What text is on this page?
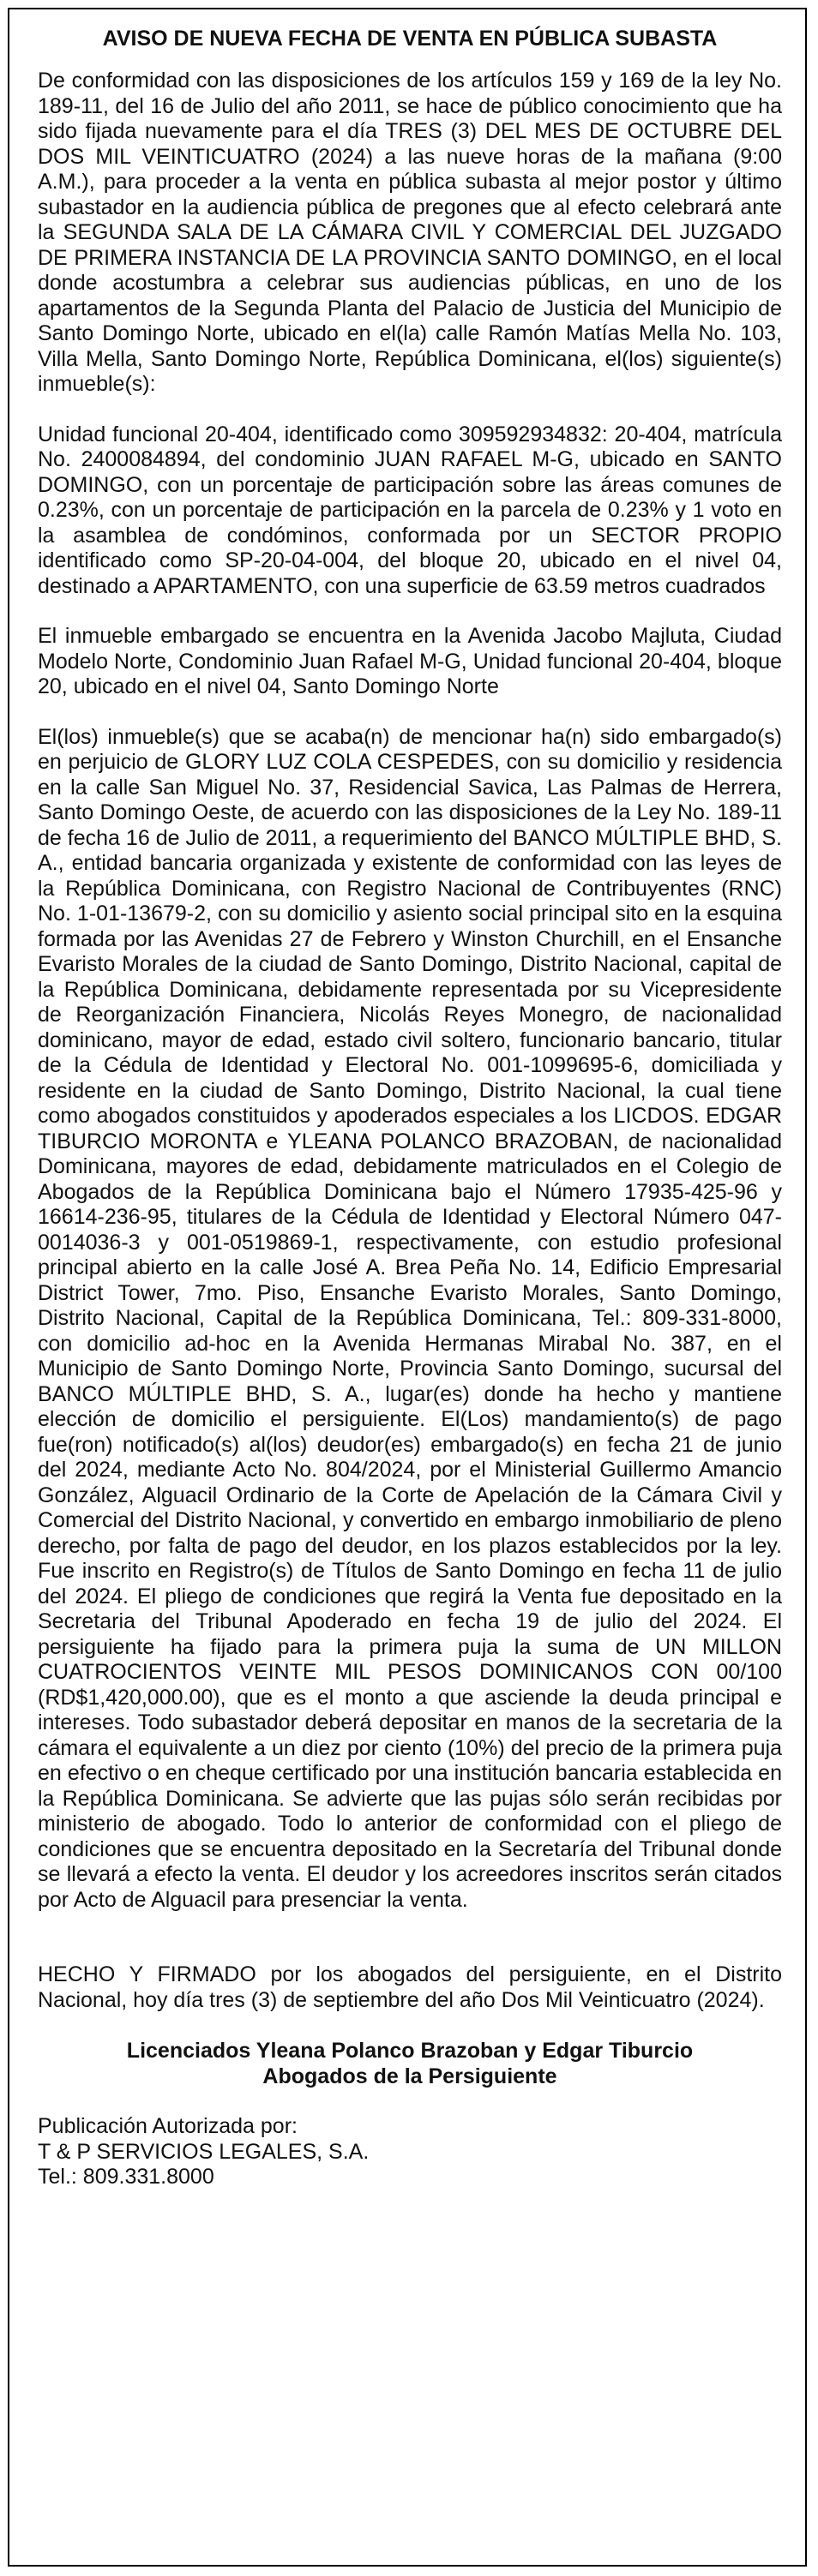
AVISO DE NUEVA FECHA DE VENTA EN PÚBLICA SUBASTA

De conformidad con las disposiciones de los artículos 159 y 169 de la ley No. 189-11, del 16 de Julio del año 2011, se hace de público conocimiento que ha sido fijada nuevamente para el día TRES (3) DEL MES DE OCTUBRE DEL DOS MIL VEINTICUATRO (2024) a las nueve horas de la mañana (9:00 A.M.), para proceder a la venta en pública subasta al mejor postor y último subastador en la audiencia pública de pregones que al efecto celebrará ante la SEGUNDA SALA DE LA CÁMARA CIVIL Y COMERCIAL DEL JUZGADO DE PRIMERA INSTANCIA DE LA PROVINCIA SANTO DOMINGO, en el local donde acostumbra a celebrar sus audiencias públicas, en uno de los apartamentos de la Segunda Planta del Palacio de Justicia del Municipio de Santo Domingo Norte, ubicado en el(la) calle Ramón Matías Mella No. 103, Villa Mella, Santo Domingo Norte, República Dominicana, el(los) siguiente(s) inmueble(s):

Unidad funcional 20-404, identificado como 309592934832: 20-404, matrícula No. 2400084894, del condominio JUAN RAFAEL M-G, ubicado en SANTO DOMINGO, con un porcentaje de participación sobre las áreas comunes de 0.23%, con un porcentaje de participación en la parcela de 0.23% y 1 voto en la asamblea de condóminos, conformada por un SECTOR PROPIO identificado como SP-20-04-004, del bloque 20, ubicado en el nivel 04, destinado a APARTAMENTO, con una superficie de 63.59 metros cuadrados

El inmueble embargado se encuentra en la Avenida Jacobo Majluta, Ciudad Modelo Norte, Condominio Juan Rafael M-G, Unidad funcional 20-404, bloque 20, ubicado en el nivel 04, Santo Domingo Norte

El(los) inmueble(s) que se acaba(n) de mencionar ha(n) sido embargado(s) en perjuicio de GLORY LUZ COLA CESPEDES, con su domicilio y residencia en la calle San Miguel No. 37, Residencial Savica, Las Palmas de Herrera, Santo Domingo Oeste, de acuerdo con las disposiciones de la Ley No. 189-11 de fecha 16 de Julio de 2011, a requerimiento del BANCO MÚLTIPLE BHD, S. A., entidad bancaria organizada y existente de conformidad con las leyes de la República Dominicana, con Registro Nacional de Contribuyentes (RNC) No. 1-01-13679-2, con su domicilio y asiento social principal sito en la esquina formada por las Avenidas 27 de Febrero y Winston Churchill, en el Ensanche Evaristo Morales de la ciudad de Santo Domingo, Distrito Nacional, capital de la República Dominicana, debidamente representada por su Vicepresidente de Reorganización Financiera, Nicolás Reyes Monegro, de nacionalidad dominicano, mayor de edad, estado civil soltero, funcionario bancario, titular de la Cédula de Identidad y Electoral No. 001-1099695-6, domiciliada y residente en la ciudad de Santo Domingo, Distrito Nacional, la cual tiene como abogados constituidos y apoderados especiales a los LICDOS. EDGAR TIBURCIO MORONTA e YLEANA POLANCO BRAZOBAN, de nacionalidad Dominicana, mayores de edad, debidamente matriculados en el Colegio de Abogados de la República Dominicana bajo el Número 17935-425-96 y 16614-236-95, titulares de la Cédula de Identidad y Electoral Número 047-0014036-3 y 001-0519869-1, respectivamente, con estudio profesional principal abierto en la calle José A. Brea Peña No. 14, Edificio Empresarial District Tower, 7mo. Piso, Ensanche Evaristo Morales, Santo Domingo, Distrito Nacional, Capital de la República Dominicana, Tel.: 809-331-8000, con domicilio ad-hoc en la Avenida Hermanas Mirabal No. 387, en el Municipio de Santo Domingo Norte, Provincia Santo Domingo, sucursal del BANCO MÚLTIPLE BHD, S. A., lugar(es) donde ha hecho y mantiene elección de domicilio el persiguiente. El(Los) mandamiento(s) de pago fue(ron) notificado(s) al(los) deudor(es) embargado(s) en fecha 21 de junio del 2024, mediante Acto No. 804/2024, por el Ministerial Guillermo Amancio González, Alguacil Ordinario de la Corte de Apelación de la Cámara Civil y Comercial del Distrito Nacional, y convertido en embargo inmobiliario de pleno derecho, por falta de pago del deudor, en los plazos establecidos por la ley. Fue inscrito en Registro(s) de Títulos de Santo Domingo en fecha 11 de julio del 2024. El pliego de condiciones que regirá la Venta fue depositado en la Secretaria del Tribunal Apoderado en fecha 19 de julio del 2024. El persiguiente ha fijado para la primera puja la suma de UN MILLON CUATROCIENTOS VEINTE MIL PESOS DOMINICANOS CON 00/100 (RD$1,420,000.00), que es el monto a que asciende la deuda principal e intereses. Todo subastador deberá depositar en manos de la secretaria de la cámara el equivalente a un diez por ciento (10%) del precio de la primera puja en efectivo o en cheque certificado por una institución bancaria establecida en la República Dominicana. Se advierte que las pujas sólo serán recibidas por ministerio de abogado. Todo lo anterior de conformidad con el pliego de condiciones que se encuentra depositado en la Secretaría del Tribunal donde se llevará a efecto la venta. El deudor y los acreedores inscritos serán citados por Acto de Alguacil para presenciar la venta.

HECHO Y FIRMADO por los abogados del persiguiente, en el Distrito Nacional, hoy día tres (3) de septiembre del año Dos Mil Veinticuatro (2024).

Licenciados Yleana Polanco Brazoban y Edgar Tiburcio

Abogados de la Persiguiente

Publicación Autorizada por:

T & P SERVICIOS LEGALES, S.A.

Tel.: 809.331.8000
